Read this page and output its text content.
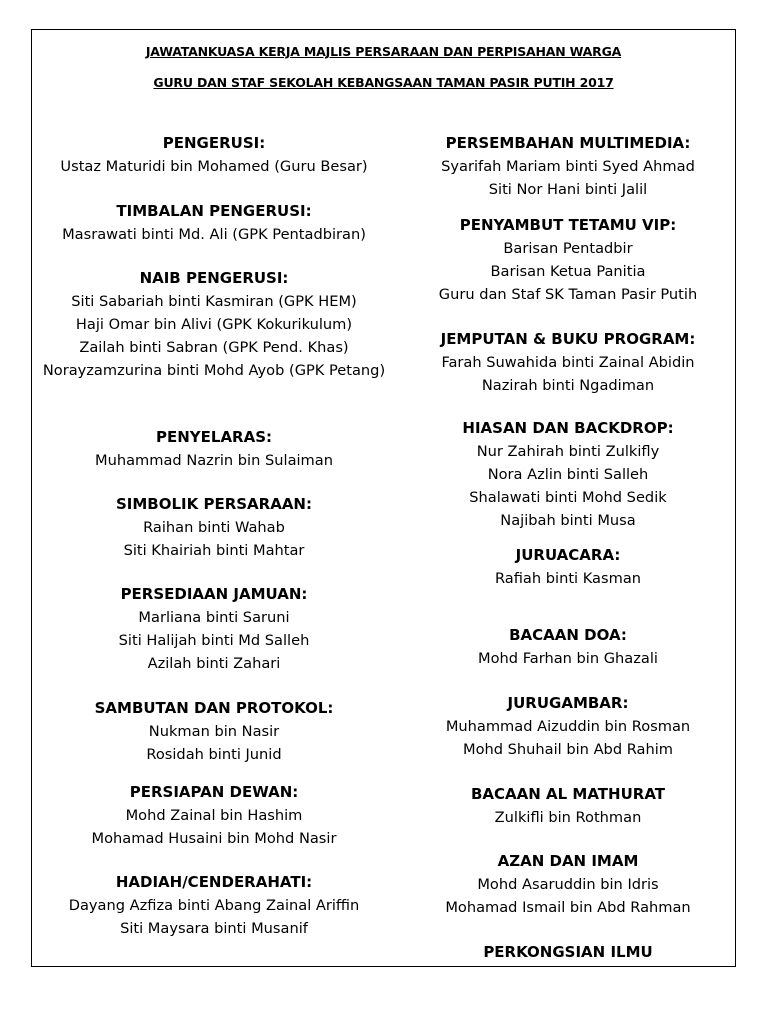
JAWATANKUASA KERJA MAJLIS PERSARAAN DAN PERPISAHAN WARGA
GURU DAN STAF SEKOLAH KEBANGSAAN TAMAN PASIR PUTIH 2017
PENGERUSI:
Ustaz Maturidi bin Mohamed (Guru Besar)
TIMBALAN PENGERUSI:
Masrawati binti Md. Ali (GPK Pentadbiran)
NAIB PENGERUSI:
Siti Sabariah binti Kasmiran (GPK HEM)
Haji Omar bin Alivi (GPK Kokurikulum)
Zailah binti Sabran (GPK Pend. Khas)
Norayzamzurina binti Mohd Ayob (GPK Petang)
PENYELARAS:
Muhammad Nazrin bin Sulaiman
SIMBOLIK PERSARAAN:
Raihan binti Wahab
Siti Khairiah binti Mahtar
PERSEDIAAN JAMUAN:
Marliana binti Saruni
Siti Halijah binti Md Salleh
Azilah binti Zahari
SAMBUTAN DAN PROTOKOL:
Nukman bin Nasir
Rosidah binti Junid
PERSIAPAN DEWAN:
Mohd Zainal bin Hashim
Mohamad Husaini bin Mohd Nasir
HADIAH/CENDERAHATI:
Dayang Azfiza binti Abang Zainal Ariffin
Siti Maysara binti Musanif
PERSEMBAHAN MULTIMEDIA:
Syarifah Mariam binti Syed Ahmad
Siti Nor Hani binti Jalil
PENYAMBUT TETAMU VIP:
Barisan Pentadbir
Barisan Ketua Panitia
Guru dan Staf SK Taman Pasir Putih
JEMPUTAN & BUKU PROGRAM:
Farah Suwahida binti Zainal Abidin
Nazirah binti Ngadiman
HIASAN DAN BACKDROP:
Nur Zahirah binti Zulkifly
Nora Azlin binti Salleh
Shalawati binti Mohd Sedik
Najibah binti Musa
JURUACARA:
Rafiah binti Kasman
BACAAN DOA:
Mohd Farhan bin Ghazali
JURUGAMBAR:
Muhammad Aizuddin bin Rosman
Mohd Shuhail bin Abd Rahim
BACAAN AL MATHURAT
Zulkifli bin Rothman
AZAN DAN IMAM
Mohd Asaruddin bin Idris
Mohamad Ismail bin Abd Rahman
PERKONGSIAN ILMU
